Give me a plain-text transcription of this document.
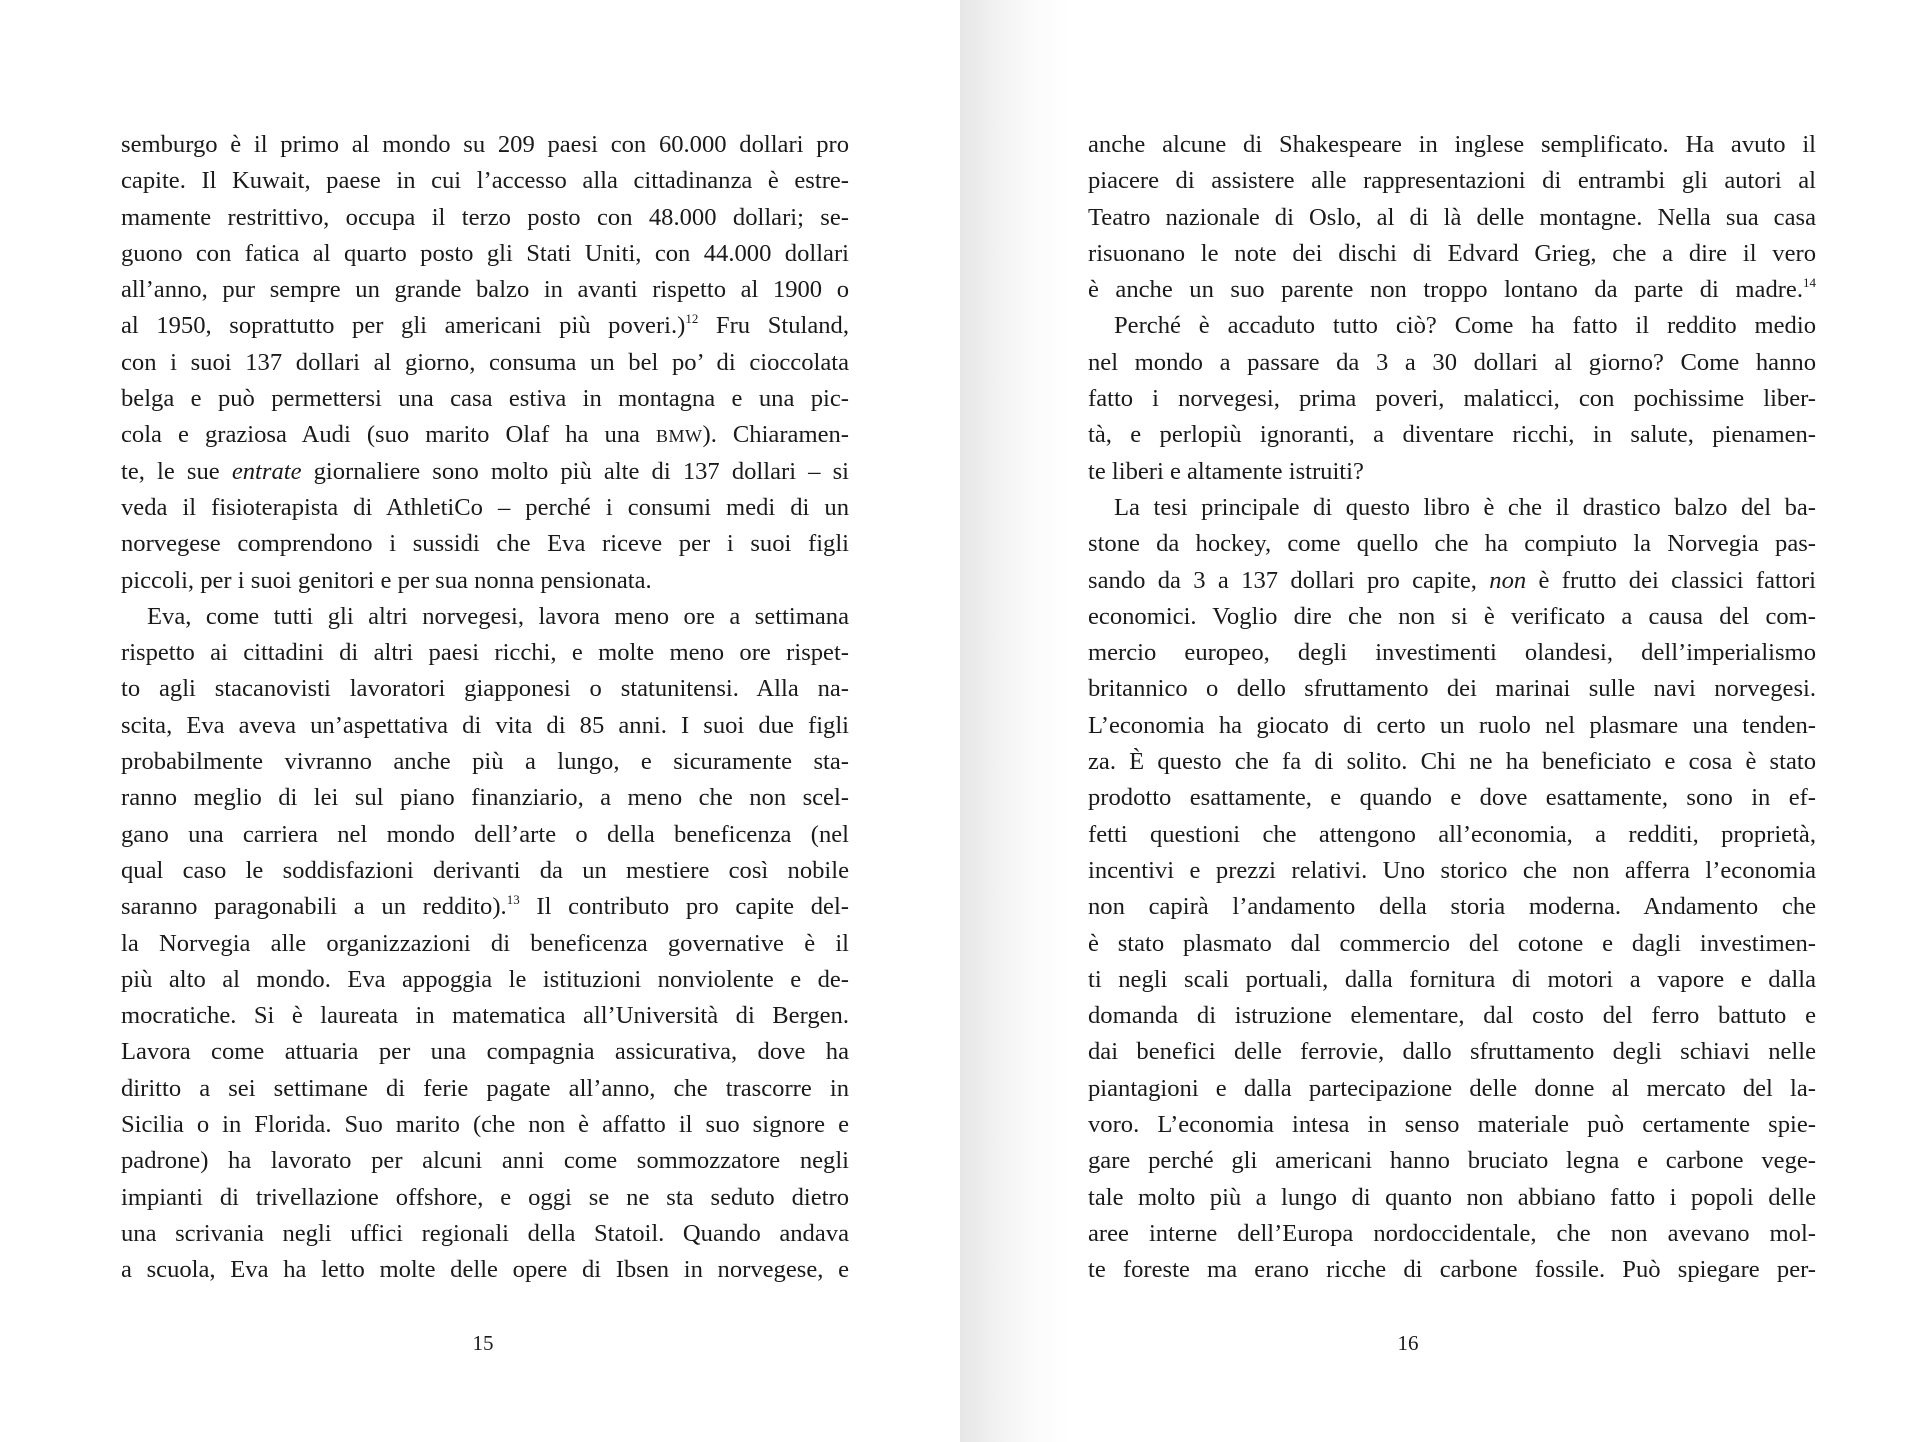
semburgo è il primo al mondo su 209 paesi con 60.000 dollari pro
capite. Il Kuwait, paese in cui l’accesso alla cittadinanza è estre-
mamente restrittivo, occupa il terzo posto con 48.000 dollari; se-
guono con fatica al quarto posto gli Stati Uniti, con 44.000 dollari
all’anno, pur sempre un grande balzo in avanti rispetto al 1900 o
al 1950, soprattutto per gli americani più poveri.)$^{12}$ Fru Stuland,
con i suoi 137 dollari al giorno, consuma un bel po’ di cioccolata
belga e può permettersi una casa estiva in montagna e una pic-
cola e graziosa Audi (suo marito Olaf ha una BMW). Chiaramen-
te, le sue entrate giornaliere sono molto più alte di 137 dollari – si
veda il fisioterapista di AthletiCo – perché i consumi medi di un
norvegese comprendono i sussidi che Eva riceve per i suoi figli
piccoli, per i suoi genitori e per sua nonna pensionata.
Eva, come tutti gli altri norvegesi, lavora meno ore a settimana
rispetto ai cittadini di altri paesi ricchi, e molte meno ore rispet-
to agli stacanovisti lavoratori giapponesi o statunitensi. Alla na-
scita, Eva aveva un’aspettativa di vita di 85 anni. I suoi due figli
probabilmente vivranno anche più a lungo, e sicuramente sta-
ranno meglio di lei sul piano finanziario, a meno che non scel-
gano una carriera nel mondo dell’arte o della beneficenza (nel
qual caso le soddisfazioni derivanti da un mestiere così nobile
saranno paragonabili a un reddito).$^{13}$ Il contributo pro capite del-
la Norvegia alle organizzazioni di beneficenza governative è il
più alto al mondo. Eva appoggia le istituzioni nonviolente e de-
mocratiche. Si è laureata in matematica all’Università di Bergen.
Lavora come attuaria per una compagnia assicurativa, dove ha
diritto a sei settimane di ferie pagate all’anno, che trascorre in
Sicilia o in Florida. Suo marito (che non è affatto il suo signore e
padrone) ha lavorato per alcuni anni come sommozzatore negli
impianti di trivellazione offshore, e oggi se ne sta seduto dietro
una scrivania negli uffici regionali della Statoil. Quando andava
a scuola, Eva ha letto molte delle opere di Ibsen in norvegese, e
15
anche alcune di Shakespeare in inglese semplificato. Ha avuto il
piacere di assistere alle rappresentazioni di entrambi gli autori al
Teatro nazionale di Oslo, al di là delle montagne. Nella sua casa
risuonano le note dei dischi di Edvard Grieg, che a dire il vero
è anche un suo parente non troppo lontano da parte di madre.$^{14}$
Perché è accaduto tutto ciò? Come ha fatto il reddito medio
nel mondo a passare da 3 a 30 dollari al giorno? Come hanno
fatto i norvegesi, prima poveri, malaticci, con pochissime liber-
tà, e perlopiù ignoranti, a diventare ricchi, in salute, pienamen-
te liberi e altamente istruiti?
La tesi principale di questo libro è che il drastico balzo del ba-
stone da hockey, come quello che ha compiuto la Norvegia pas-
sando da 3 a 137 dollari pro capite, non è frutto dei classici fattori
economici. Voglio dire che non si è verificato a causa del com-
mercio europeo, degli investimenti olandesi, dell’imperialismo
britannico o dello sfruttamento dei marinai sulle navi norvegesi.
L’economia ha giocato di certo un ruolo nel plasmare una tenden-
za. È questo che fa di solito. Chi ne ha beneficiato e cosa è stato
prodotto esattamente, e quando e dove esattamente, sono in ef-
fetti questioni che attengono all’economia, a redditi, proprietà,
incentivi e prezzi relativi. Uno storico che non afferra l’economia
non capirà l’andamento della storia moderna. Andamento che
è stato plasmato dal commercio del cotone e dagli investimen-
ti negli scali portuali, dalla fornitura di motori a vapore e dalla
domanda di istruzione elementare, dal costo del ferro battuto e
dai benefici delle ferrovie, dallo sfruttamento degli schiavi nelle
piantagioni e dalla partecipazione delle donne al mercato del la-
voro. L’economia intesa in senso materiale può certamente spie-
gare perché gli americani hanno bruciato legna e carbone vege-
tale molto più a lungo di quanto non abbiano fatto i popoli delle
aree interne dell’Europa nordoccidentale, che non avevano mol-
te foreste ma erano ricche di carbone fossile. Può spiegare per-
16
